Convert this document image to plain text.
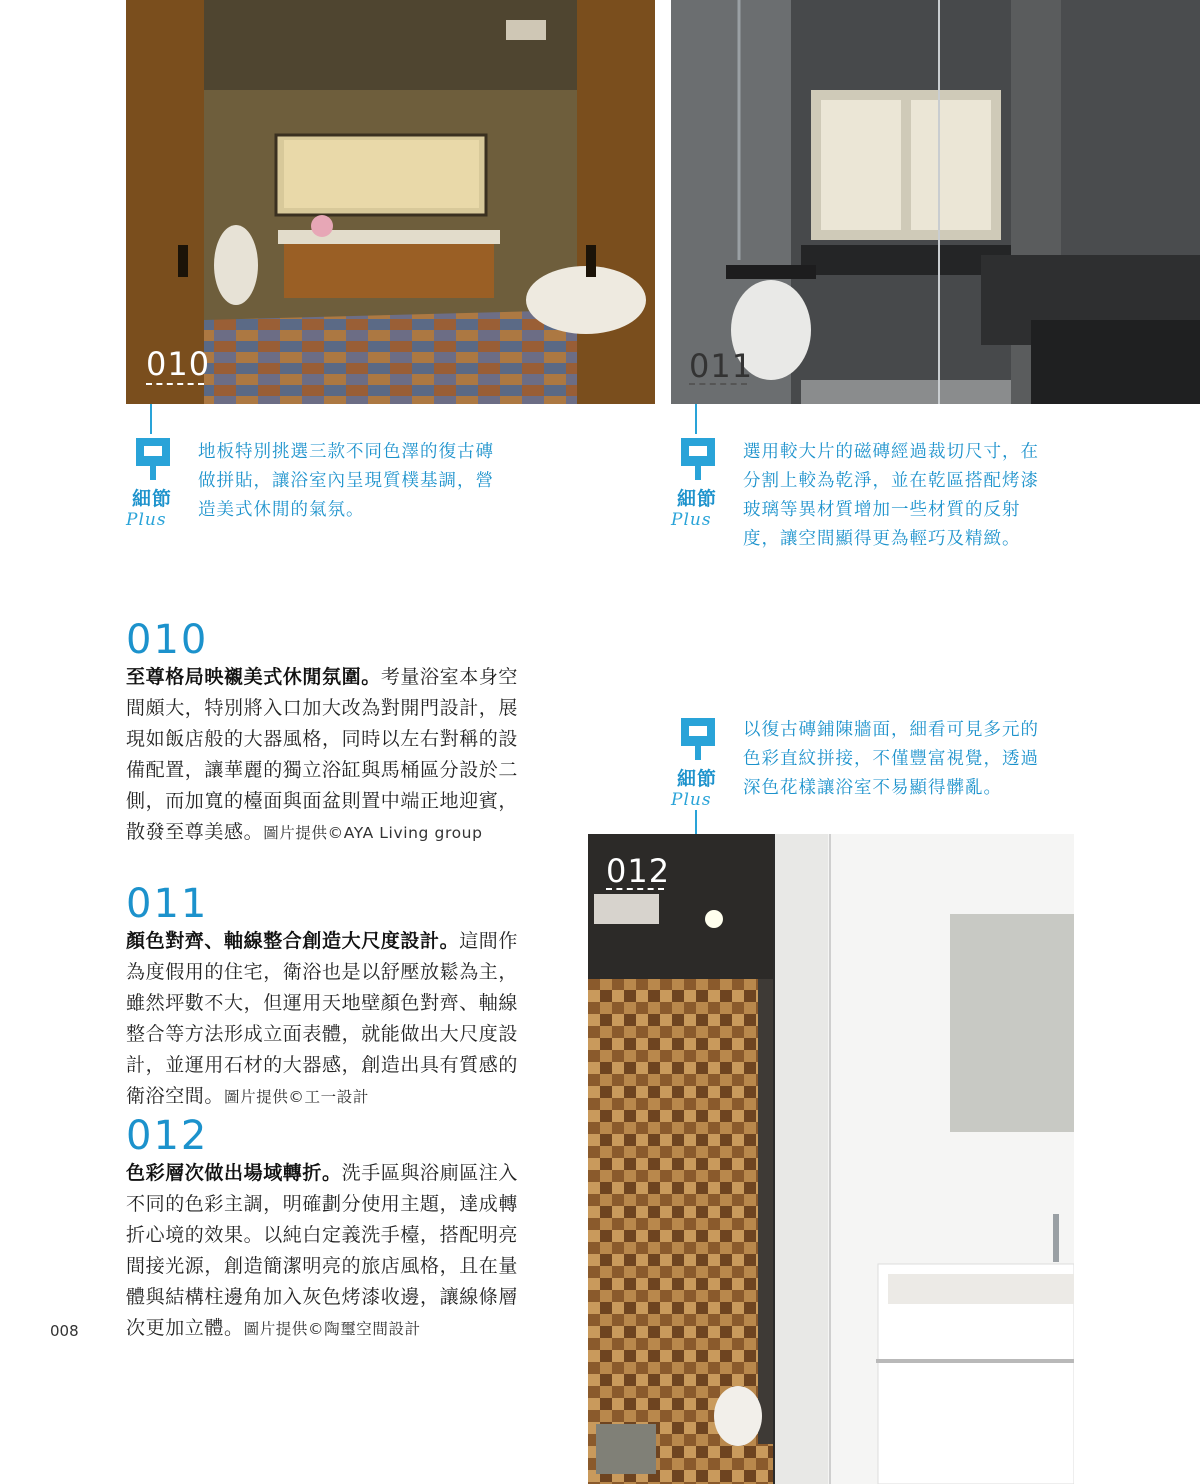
010	011
012
細節
Plus
地板特別挑選三款不同色澤的復古磚
做拼貼，讓浴室內呈現質樸基調，營
造美式休閒的氣氛。	細節
Plus
選用較大片的磁磚經過裁切尺寸，在
分割上較為乾淨，並在乾區搭配烤漆
玻璃等異材質增加一些材質的反射
度，讓空間顯得更為輕巧及精緻。
細節
Plus
以復古磚鋪陳牆面，細看可見多元的
色彩直紋拼接，不僅豐富視覺，透過
深色花樣讓浴室不易顯得髒亂。
010
至尊格局映襯美式休閒氛圍。考量浴室本身空間頗大，特別將入口加大改為對開門設計，展現如飯店般的大器風格，同時以左右對稱的設備配置，讓華麗的獨立浴缸與馬桶區分設於二側，而加寬的檯面與面盆則置中端正地迎賓，散發至尊美感。圖片提供©AYA Living group
011
顏色對齊、軸線整合創造大尺度設計。這間作為度假用的住宅，衛浴也是以舒壓放鬆為主，雖然坪數不大，但運用天地壁顏色對齊、軸線整合等方法形成立面表體，就能做出大尺度設計，並運用石材的大器感，創造出具有質感的衛浴空間。圖片提供©工一設計
012
色彩層次做出場域轉折。洗手區與浴廁區注入不同的色彩主調，明確劃分使用主題，達成轉折心境的效果。以純白定義洗手檯，搭配明亮間接光源，創造簡潔明亮的旅店風格，且在量體與結構柱邊角加入灰色烤漆收邊，讓線條層次更加立體。圖片提供©陶璽空間設計
008
